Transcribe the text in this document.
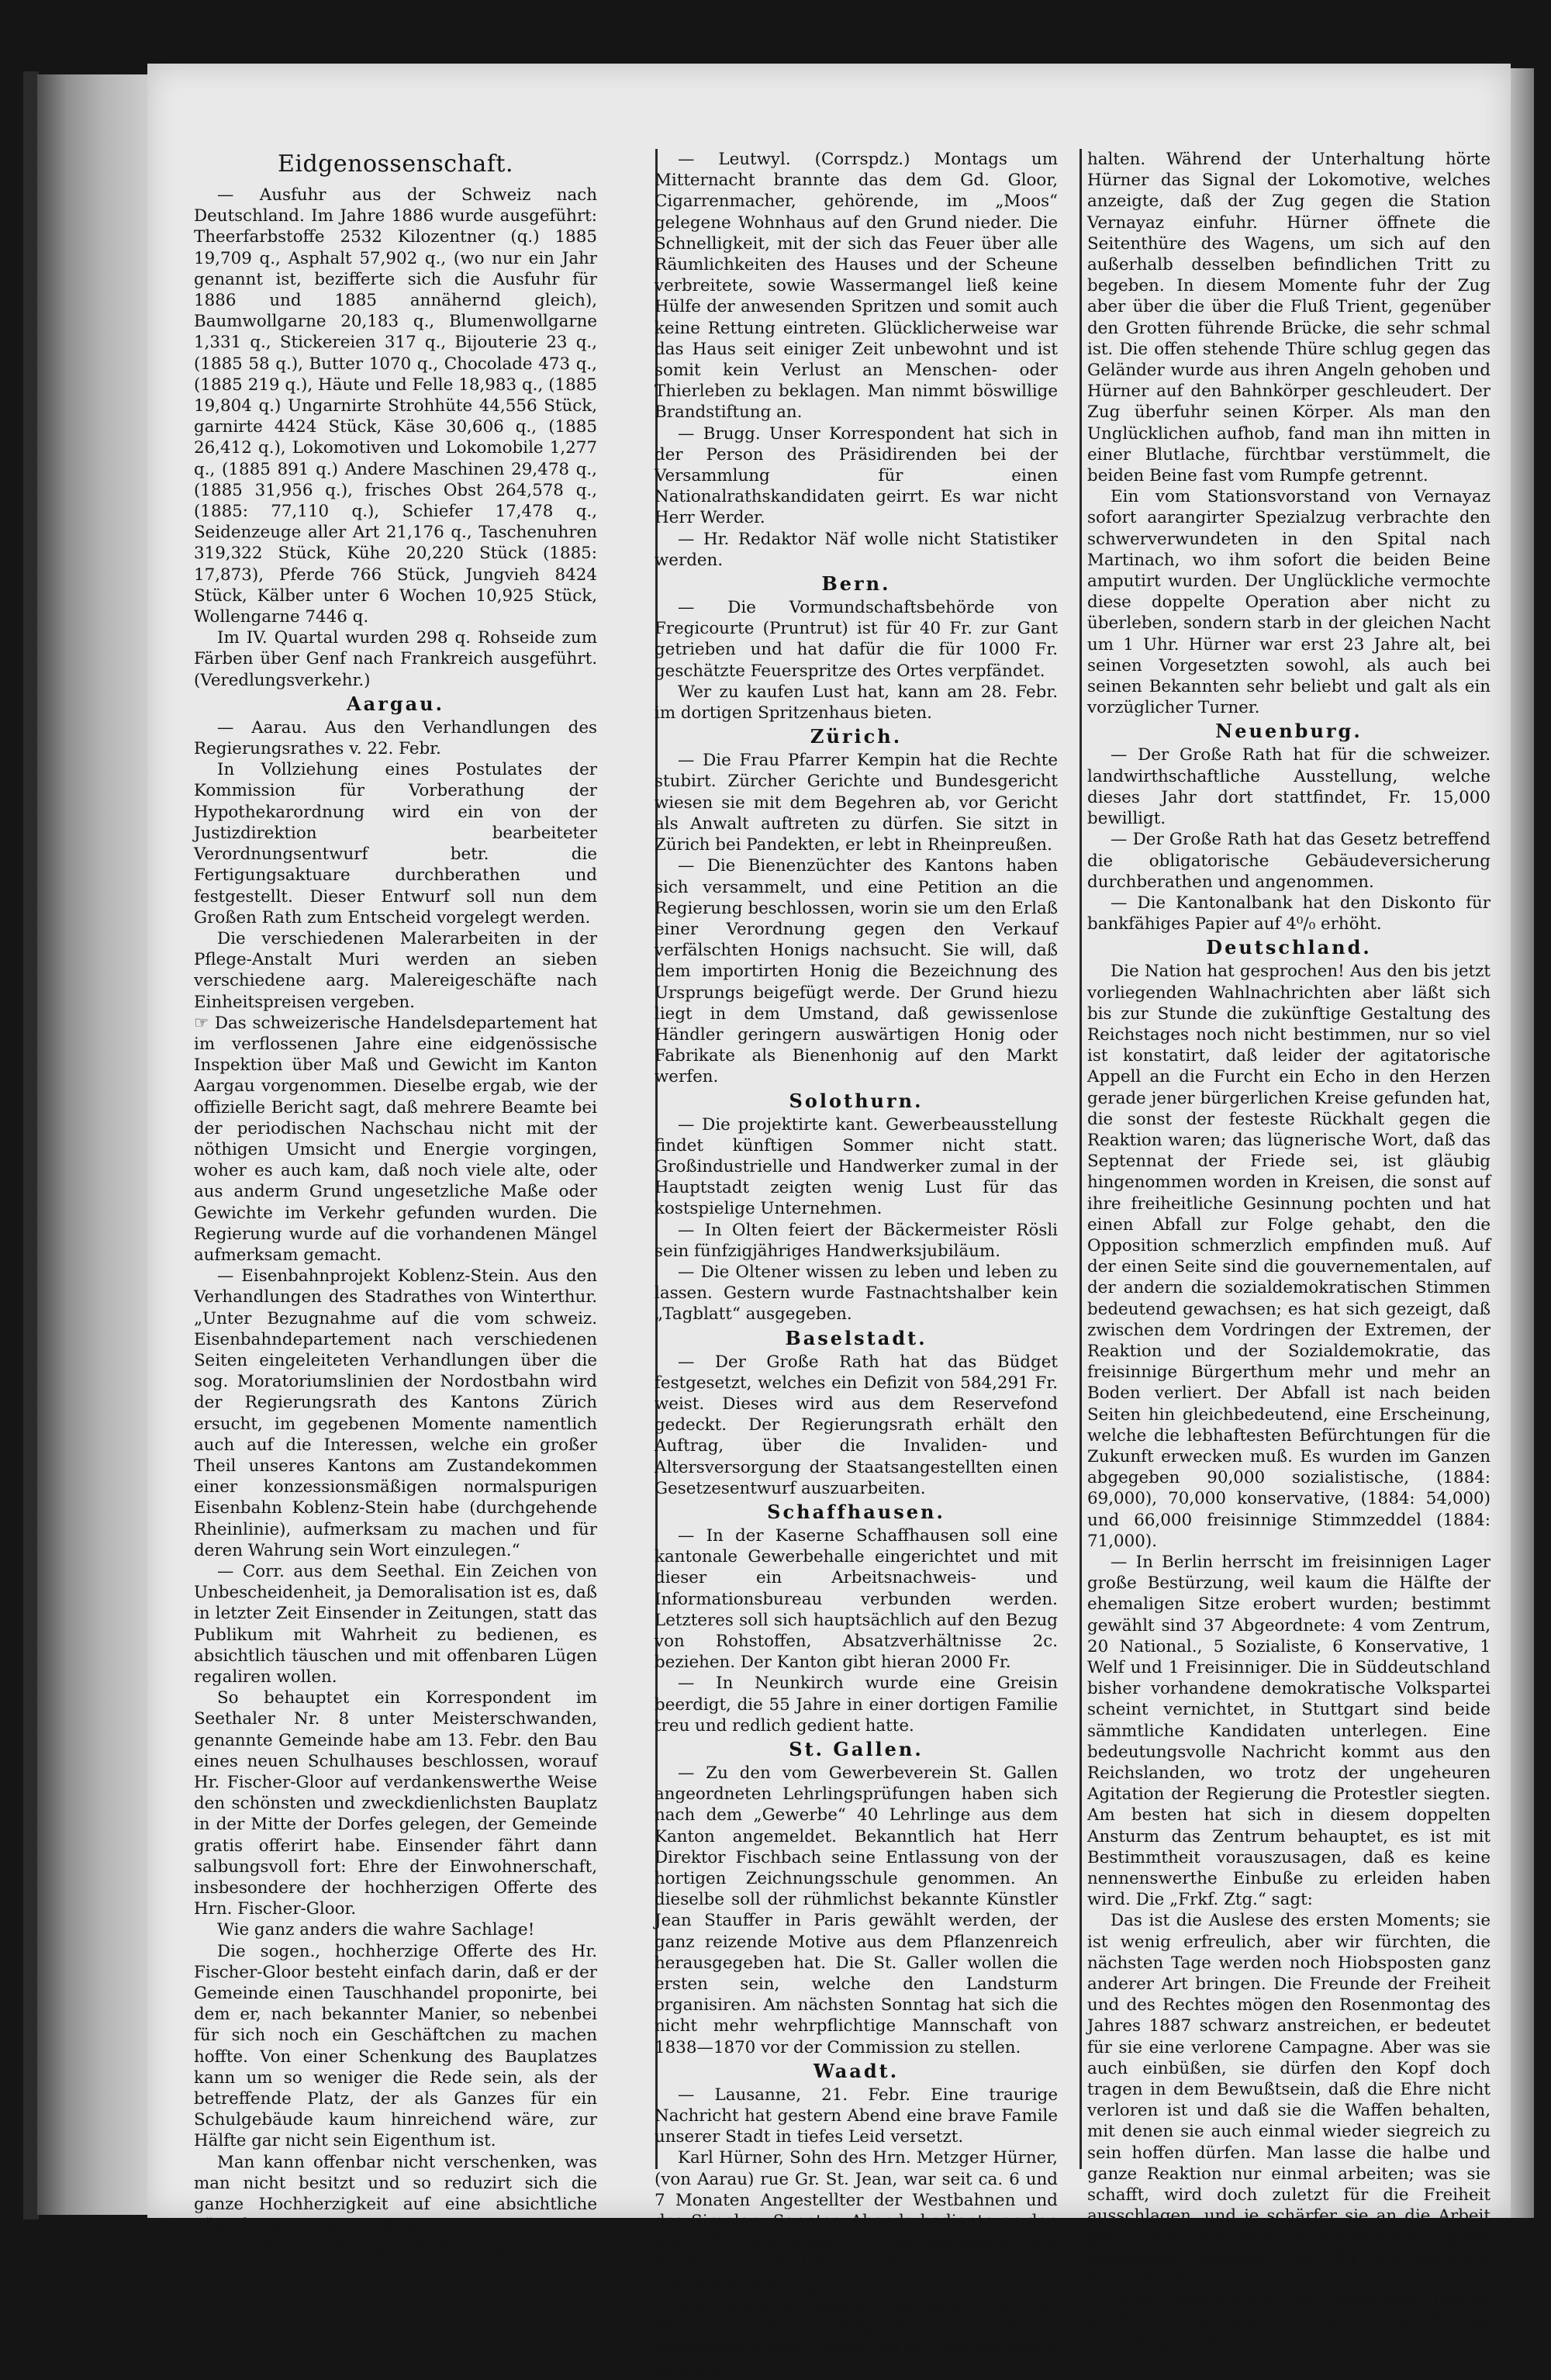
Eidgenossenschaft.

— Ausfuhr aus der Schweiz nach Deutschland. Im Jahre 1886 wurde ausgeführt: Theerfarbstoffe 2532 Kilozentner (q.) 1885 19,709 q., Asphalt 57,902 q., (wo nur ein Jahr genannt ist, bezifferte sich die Ausfuhr für 1886 und 1885 annähernd gleich), Baumwollgarne 20,183 q., Blumenwollgarne 1,331 q., Stickereien 317 q., Bijouterie 23 q., (1885 58 q.), Butter 1070 q., Chocolade 473 q., (1885 219 q.), Häute und Felle 18,983 q., (1885 19,804 q.) Ungarnirte Strohhüte 44,556 Stück, garnirte 4424 Stück, Käse 30,606 q., (1885 26,412 q.), Lokomotiven und Lokomobile 1,277 q., (1885 891 q.) Andere Maschinen 29,478 q., (1885 31,956 q.), frisches Obst 264,578 q., (1885: 77,110 q.), Schiefer 17,478 q., Seidenzeuge aller Art 21,176 q., Taschenuhren 319,322 Stück, Kühe 20,220 Stück (1885: 17,873), Pferde 766 Stück, Jungvieh 8424 Stück, Kälber unter 6 Wochen 10,925 Stück, Wollengarne 7446 q.

Im IV. Quartal wurden 298 q. Rohseide zum Färben über Genf nach Frankreich ausgeführt. (Veredlungsverkehr.)

Aargau.

— Aarau. Aus den Verhandlungen des Regierungsrathes v. 22. Febr.

In Vollziehung eines Postulates der Kommission für Vorberathung der Hypothekarordnung wird ein von der Justizdirektion bearbeiteter Verordnungsentwurf betr. die Fertigungsaktuare durchberathen und festgestellt. Dieser Entwurf soll nun dem Großen Rath zum Entscheid vorgelegt werden.

Die verschiedenen Malerarbeiten in der Pflege-Anstalt Muri werden an sieben verschiedene aarg. Malereigeschäfte nach Einheitspreisen vergeben.

☞ Das schweizerische Handelsdepartement hat im verflossenen Jahre eine eidgenössische Inspektion über Maß und Gewicht im Kanton Aargau vorgenommen. Dieselbe ergab, wie der offizielle Bericht sagt, daß mehrere Beamte bei der periodischen Nachschau nicht mit der nöthigen Umsicht und Energie vorgingen, woher es auch kam, daß noch viele alte, oder aus anderm Grund ungesetzliche Maße oder Gewichte im Verkehr gefunden wurden. Die Regierung wurde auf die vorhandenen Mängel aufmerksam gemacht.

— Eisenbahnprojekt Koblenz-Stein. Aus den Verhandlungen des Stadrathes von Winterthur. „Unter Bezugnahme auf die vom schweiz. Eisenbahndepartement nach verschiedenen Seiten eingeleiteten Verhandlungen über die sog. Moratoriumslinien der Nordostbahn wird der Regierungsrath des Kantons Zürich ersucht, im gegebenen Momente namentlich auch auf die Interessen, welche ein großer Theil unseres Kantons am Zustandekommen einer konzessionsmäßigen normalspurigen Eisenbahn Koblenz-Stein habe (durchgehende Rheinlinie), aufmerksam zu machen und für deren Wahrung sein Wort einzulegen.“

— Corr. aus dem Seethal. Ein Zeichen von Unbescheidenheit, ja Demoralisation ist es, daß in letzter Zeit Einsender in Zeitungen, statt das Publikum mit Wahrheit zu bedienen, es absichtlich täuschen und mit offenbaren Lügen regaliren wollen.

So behauptet ein Korrespondent im Seethaler Nr. 8 unter Meisterschwanden, genannte Gemeinde habe am 13. Febr. den Bau eines neuen Schulhauses beschlossen, worauf Hr. Fischer-Gloor auf verdankenswerthe Weise den schönsten und zweckdienlichsten Bauplatz in der Mitte der Dorfes gelegen, der Gemeinde gratis offerirt habe. Einsender fährt dann salbungsvoll fort: Ehre der Einwohnerschaft, insbesondere der hochherzigen Offerte des Hrn. Fischer-Gloor.

Wie ganz anders die wahre Sachlage!

Die sogen., hochherzige Offerte des Hr. Fischer-Gloor besteht einfach darin, daß er der Gemeinde einen Tauschhandel proponirte, bei dem er, nach bekannter Manier, so nebenbei für sich noch ein Geschäftchen zu machen hoffte. Von einer Schenkung des Bauplatzes kann um so weniger die Rede sein, als der betreffende Platz, der als Ganzes für ein Schulgebäude kaum hinreichend wäre, zur Hälfte gar nicht sein Eigenthum ist.

Man kann offenbar nicht verschenken, was man nicht besitzt und so reduzirt sich die ganze Hochherzigkeit auf eine absichtliche Täuschung in weitern Kreisen.

So viel zur vorläufigen Aufklärung.

— Leutwyl. (Corrspdz.) Montags um Mitternacht brannte das dem Gd. Gloor, Cigarrenmacher, gehörende, im „Moos“ gelegene Wohnhaus auf den Grund nieder. Die Schnelligkeit, mit der sich das Feuer über alle Räumlichkeiten des Hauses und der Scheune verbreitete, sowie Wassermangel ließ keine Hülfe der anwesenden Spritzen und somit auch keine Rettung eintreten. Glücklicherweise war das Haus seit einiger Zeit unbewohnt und ist somit kein Verlust an Menschen- oder Thierleben zu beklagen. Man nimmt böswillige Brandstiftung an.

— Brugg. Unser Korrespondent hat sich in der Person des Präsidirenden bei der Versammlung für einen Nationalrathskandidaten geirrt. Es war nicht Herr Werder.

— Hr. Redaktor Näf wolle nicht Statistiker werden.

Bern.

— Die Vormundschaftsbehörde von Fregicourte (Pruntrut) ist für 40 Fr. zur Gant getrieben und hat dafür die für 1000 Fr. geschätzte Feuerspritze des Ortes verpfändet.

Wer zu kaufen Lust hat, kann am 28. Febr. im dortigen Spritzenhaus bieten.

Zürich.

— Die Frau Pfarrer Kempin hat die Rechte stubirt. Zürcher Gerichte und Bundesgericht wiesen sie mit dem Begehren ab, vor Gericht als Anwalt auftreten zu dürfen. Sie sitzt in Zürich bei Pandekten, er lebt in Rheinpreußen.

— Die Bienenzüchter des Kantons haben sich versammelt, und eine Petition an die Regierung beschlossen, worin sie um den Erlaß einer Verordnung gegen den Verkauf verfälschten Honigs nachsucht. Sie will, daß dem importirten Honig die Bezeichnung des Ursprungs beigefügt werde. Der Grund hiezu liegt in dem Umstand, daß gewissenlose Händler geringern auswärtigen Honig oder Fabrikate als Bienenhonig auf den Markt werfen.

Solothurn.

— Die projektirte kant. Gewerbeausstellung findet künftigen Sommer nicht statt. Großindustrielle und Handwerker zumal in der Hauptstadt zeigten wenig Lust für das kostspielige Unternehmen.

— In Olten feiert der Bäckermeister Rösli sein fünfzigjähriges Handwerksjubiläum.

— Die Oltener wissen zu leben und leben zu lassen. Gestern wurde Fastnachtshalber kein „Tagblatt“ ausgegeben.

Baselstadt.

— Der Große Rath hat das Büdget festgesetzt, welches ein Defizit von 584,291 Fr. weist. Dieses wird aus dem Reservefond gedeckt. Der Regierungsrath erhält den Auftrag, über die Invaliden- und Altersversorgung der Staatsangestellten einen Gesetzesentwurf auszuarbeiten.

Schaffhausen.

— In der Kaserne Schaffhausen soll eine kantonale Gewerbehalle eingerichtet und mit dieser ein Arbeitsnachweis- und Informationsbureau verbunden werden. Letzteres soll sich hauptsächlich auf den Bezug von Rohstoffen, Absatzverhältnisse 2c. beziehen. Der Kanton gibt hieran 2000 Fr.

— In Neunkirch wurde eine Greisin beerdigt, die 55 Jahre in einer dortigen Familie treu und redlich gedient hatte.

St. Gallen.

— Zu den vom Gewerbeverein St. Gallen angeordneten Lehrlingsprüfungen haben sich nach dem „Gewerbe“ 40 Lehrlinge aus dem Kanton angemeldet. Bekanntlich hat Herr Direktor Fischbach seine Entlassung von der hortigen Zeichnungsschule genommen. An dieselbe soll der rühmlichst bekannte Künstler Jean Stauffer in Paris gewählt werden, der ganz reizende Motive aus dem Pflanzenreich herausgegeben hat. Die St. Galler wollen die ersten sein, welche den Landsturm organisiren. Am nächsten Sonntag hat sich die nicht mehr wehrpflichtige Mannschaft von 1838—1870 vor der Commission zu stellen.

Waadt.

— Lausanne, 21. Febr. Eine traurige Nachricht hat gestern Abend eine brave Famile unserer Stadt in tiefes Leid versetzt.

Karl Hürner, Sohn des Hrn. Metzger Hürner, (von Aarau) rue Gr. St. Jean, war seit ca. 6 und 7 Monaten Angestellter der Westbahnen und des Simplon. Sonntag Abends bediente er den um 4 Uhr 20 Minuten in Brieg abgehenden und Nachts um 9 Uhr 50 Min. in Lausanne ankommenden Zug.

Kurz nach der Abfahrt des Zuges von der Station Martinach stieg Hürner zu einem Reisenden in sein Coupé, um mit ihm ein wenig zu unter-

halten. Während der Unterhaltung hörte Hürner das Signal der Lokomotive, welches anzeigte, daß der Zug gegen die Station Vernayaz einfuhr. Hürner öffnete die Seitenthüre des Wagens, um sich auf den außerhalb desselben befindlichen Tritt zu begeben. In diesem Momente fuhr der Zug aber über die über die Fluß Trient, gegenüber den Grotten führende Brücke, die sehr schmal ist. Die offen stehende Thüre schlug gegen das Geländer wurde aus ihren Angeln gehoben und Hürner auf den Bahnkörper geschleudert. Der Zug überfuhr seinen Körper. Als man den Unglücklichen aufhob, fand man ihn mitten in einer Blutlache, fürchtbar verstümmelt, die beiden Beine fast vom Rumpfe getrennt.

Ein vom Stationsvorstand von Vernayaz sofort aarangirter Spezialzug verbrachte den schwerverwundeten in den Spital nach Martinach, wo ihm sofort die beiden Beine amputirt wurden. Der Unglückliche vermochte diese doppelte Operation aber nicht zu überleben, sondern starb in der gleichen Nacht um 1 Uhr. Hürner war erst 23 Jahre alt, bei seinen Vorgesetzten sowohl, als auch bei seinen Bekannten sehr beliebt und galt als ein vorzüglicher Turner.

Neuenburg.

— Der Große Rath hat für die schweizer. landwirthschaftliche Ausstellung, welche dieses Jahr dort stattfindet, Fr. 15,000 bewilligt.

— Der Große Rath hat das Gesetz betreffend die obligatorische Gebäudeversicherung durchberathen und angenommen.

— Die Kantonalbank hat den Diskonto für bankfähiges Papier auf 4⁰/₀ erhöht.

Deutschland.

Die Nation hat gesprochen! Aus den bis jetzt vorliegenden Wahlnachrichten aber läßt sich bis zur Stunde die zukünftige Gestaltung des Reichstages noch nicht bestimmen, nur so viel ist konstatirt, daß leider der agitatorische Appell an die Furcht ein Echo in den Herzen gerade jener bürgerlichen Kreise gefunden hat, die sonst der festeste Rückhalt gegen die Reaktion waren; das lügnerische Wort, daß das Septennat der Friede sei, ist gläubig hingenommen worden in Kreisen, die sonst auf ihre freiheitliche Gesinnung pochten und hat einen Abfall zur Folge gehabt, den die Opposition schmerzlich empfinden muß. Auf der einen Seite sind die gouvernementalen, auf der andern die sozialdemokratischen Stimmen bedeutend gewachsen; es hat sich gezeigt, daß zwischen dem Vordringen der Extremen, der Reaktion und der Sozialdemokratie, das freisinnige Bürgerthum mehr und mehr an Boden verliert. Der Abfall ist nach beiden Seiten hin gleichbedeutend, eine Erscheinung, welche die lebhaftesten Befürchtungen für die Zukunft erwecken muß. Es wurden im Ganzen abgegeben 90,000 sozialistische, (1884: 69,000), 70,000 konservative, (1884: 54,000) und 66,000 freisinnige Stimmzeddel (1884: 71,000).

— In Berlin herrscht im freisinnigen Lager große Bestürzung, weil kaum die Hälfte der ehemaligen Sitze erobert wurden; bestimmt gewählt sind 37 Abgeordnete: 4 vom Zentrum, 20 National., 5 Sozialiste, 6 Konservative, 1 Welf und 1 Freisinniger. Die in Süddeutschland bisher vorhandene demokratische Volkspartei scheint vernichtet, in Stuttgart sind beide sämmtliche Kandidaten unterlegen. Eine bedeutungsvolle Nachricht kommt aus den Reichslanden, wo trotz der ungeheuren Agitation der Regierung die Protestler siegten. Am besten hat sich in diesem doppelten Ansturm das Zentrum behauptet, es ist mit Bestimmtheit vorauszusagen, daß es keine nennenswerthe Einbuße zu erleiden haben wird. Die „Frkf. Ztg.“ sagt:

Das ist die Auslese des ersten Moments; sie ist wenig erfreulich, aber wir fürchten, die nächsten Tage werden noch Hiobsposten ganz anderer Art bringen. Die Freunde der Freiheit und des Rechtes mögen den Rosenmontag des Jahres 1887 schwarz anstreichen, er bedeutet für sie eine verlorene Campagne. Aber was sie auch einbüßen, sie dürfen den Kopf doch tragen in dem Bewußtsein, daß die Ehre nicht verloren ist und daß sie die Waffen behalten, mit denen sie auch einmal wieder siegreich zu sein hoffen dürfen. Man lasse die halbe und ganze Reaktion nur einmal arbeiten; was sie schafft, wird doch zuletzt für die Freiheit ausschlagen, und je schärfer sie an die Arbeit geht, um so eher wird für das Volk der Tag der Erkenntniß kommen, der für die gerechte Sache die Revanche sein wird.“

Diese Abstimmung im deutschen Reiche erscheint uns ein genauer Abklatsch der berüchtigten Ple-
